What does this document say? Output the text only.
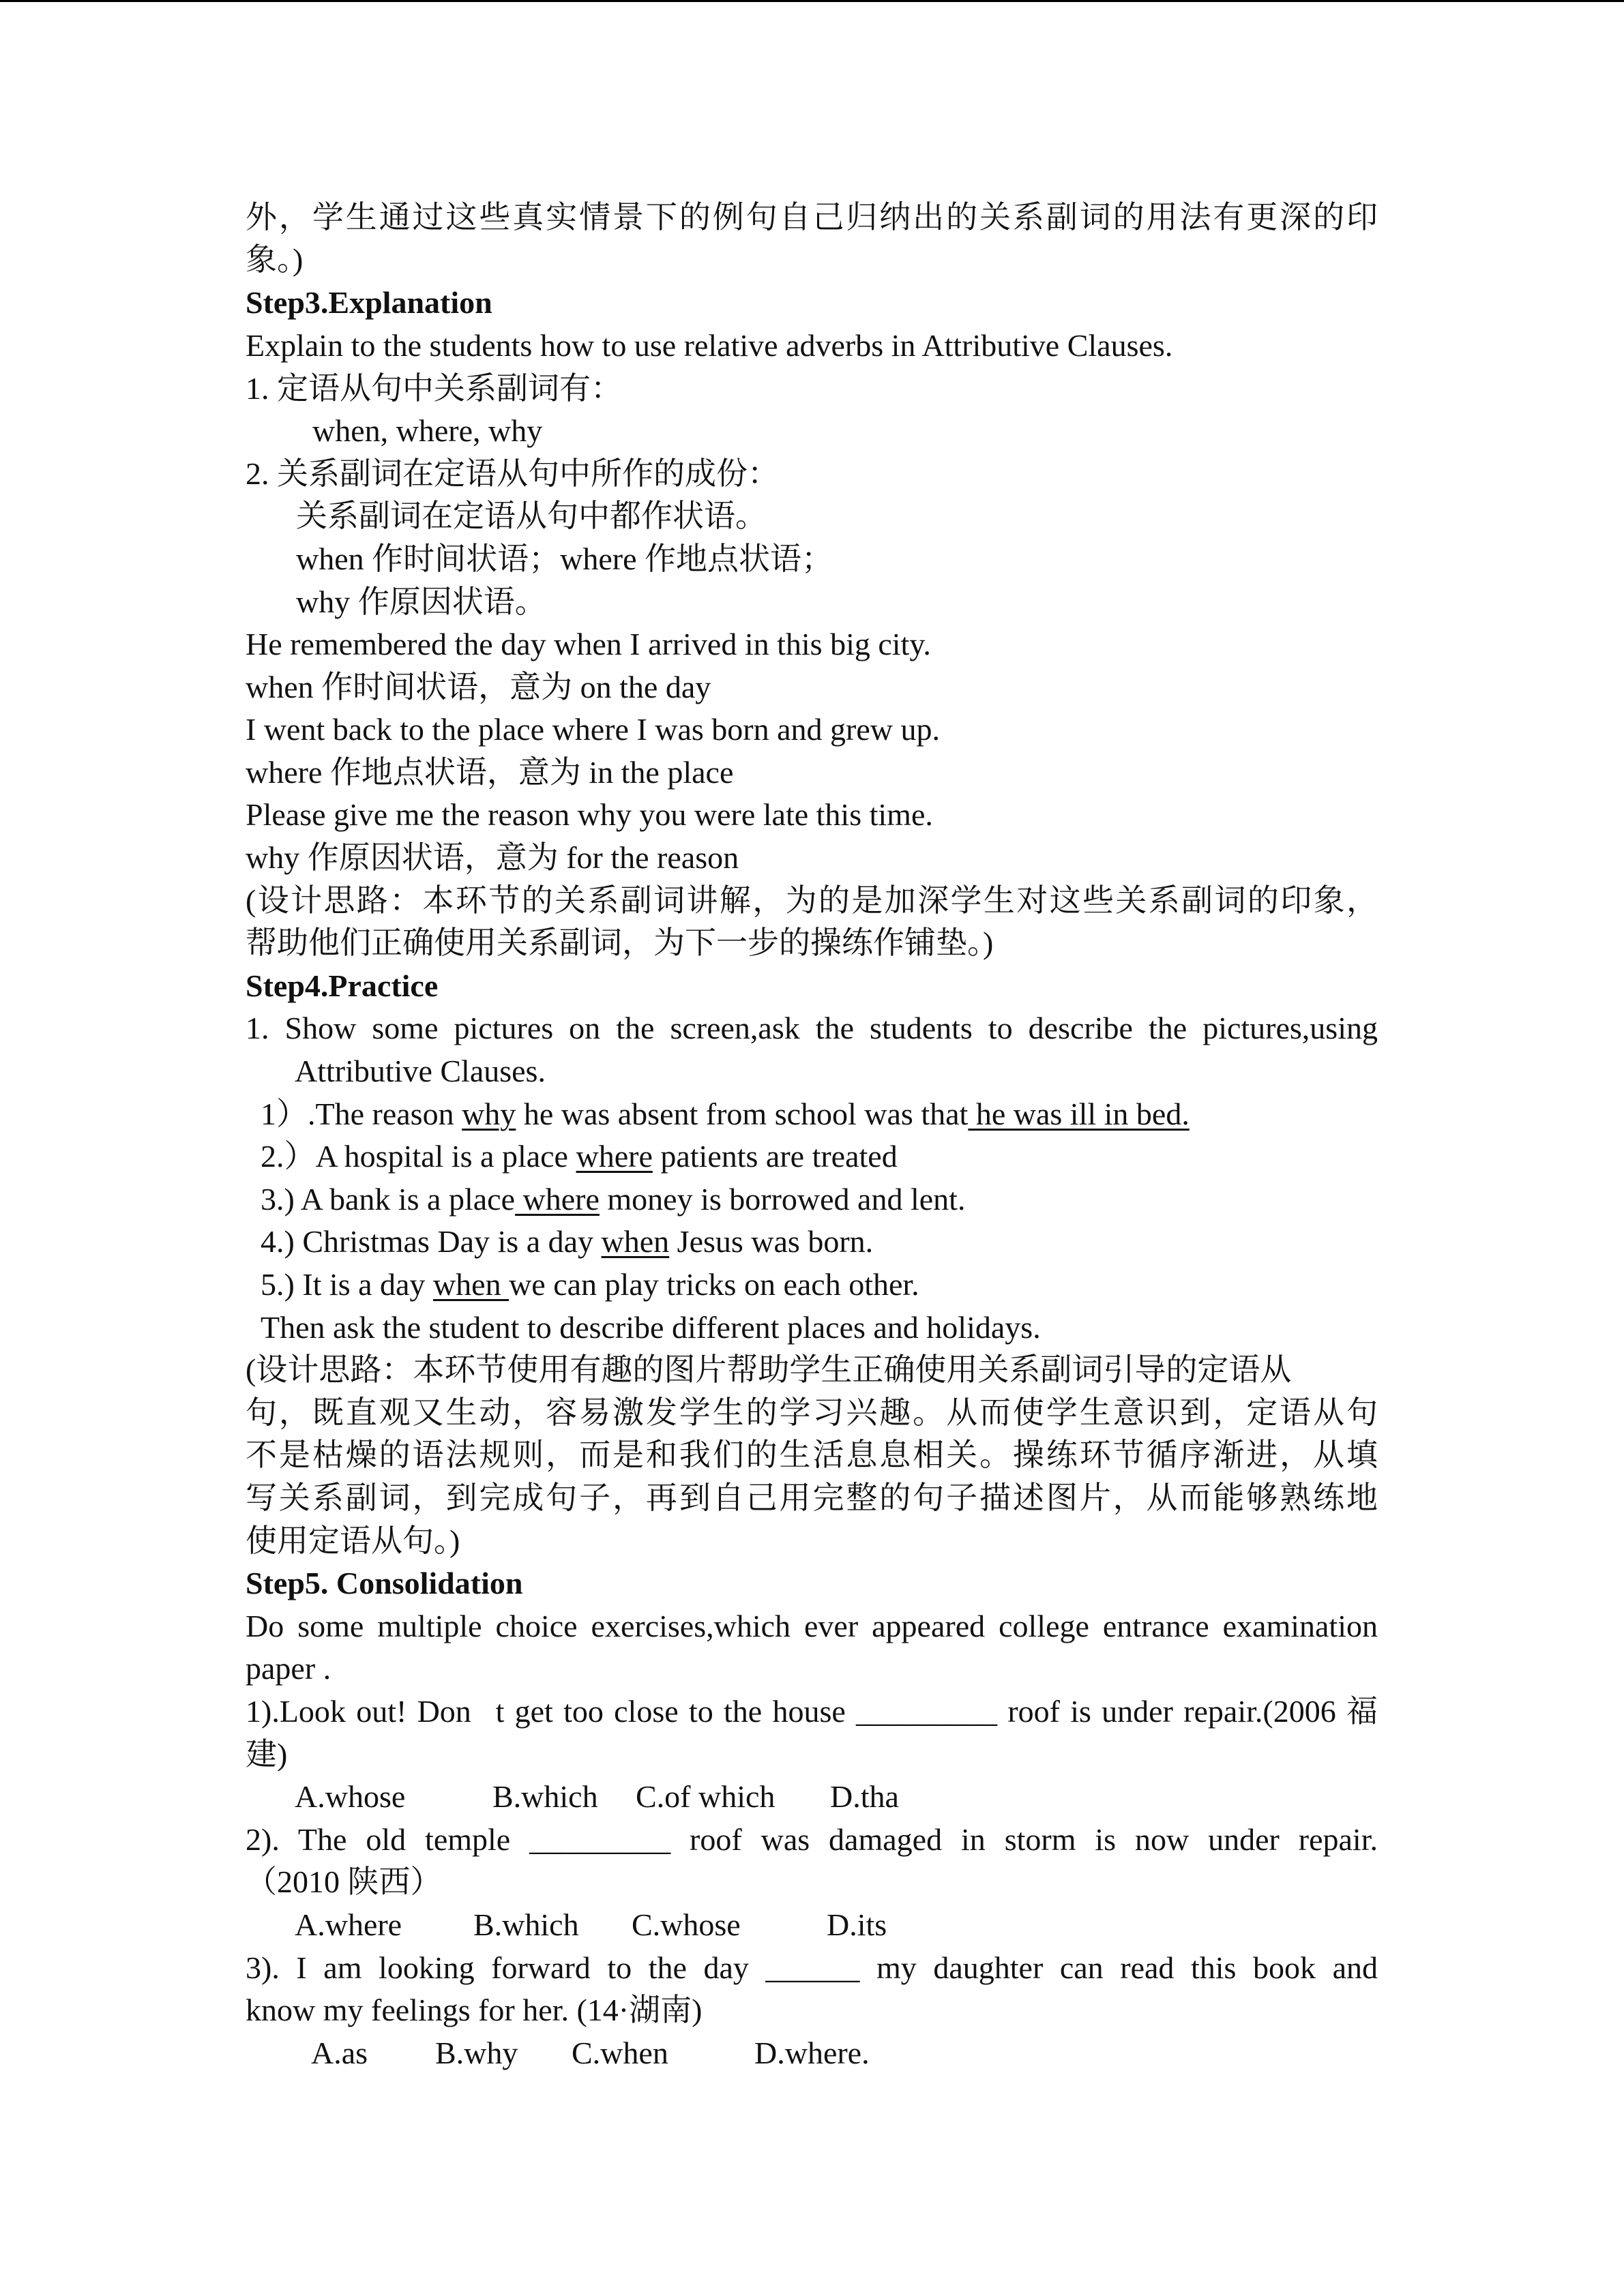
外，学生通过这些真实情景下的例句自己归纳出的关系副词的用法有更深的印
象。)
Step3.Explanation
Explain to the students how to use relative adverbs in Attributive Clauses.
1. 定语从句中关系副词有：
when, where, why
2. 关系副词在定语从句中所作的成份：
关系副词在定语从句中都作状语。
when 作时间状语；where 作地点状语；
why 作原因状语。
He remembered the day when I arrived in this big city.
when 作时间状语，意为 on the day
I went back to the place where I was born and grew up.
where 作地点状语，意为 in the place
Please give me the reason why you were late this time.
why 作原因状语，意为 for the reason
(设计思路：本环节的关系副词讲解，为的是加深学生对这些关系副词的印象，
帮助他们正确使用关系副词，为下一步的操练作铺垫。)
Step4.Practice
1. Show some pictures on the screen,ask the students to describe the pictures,using
Attributive Clauses.
1）.The reason why he was absent from school was that he was ill in bed.
2.）A hospital is a place where patients are treated
3.) A bank is a place where money is borrowed and lent.
4.) Christmas Day is a day when Jesus was born.
5.) It is a day when we can play tricks on each other.
Then ask the student to describe different places and holidays.
(设计思路：本环节使用有趣的图片帮助学生正确使用关系副词引导的定语从
句，既直观又生动，容易激发学生的学习兴趣。从而使学生意识到，定语从句
不是枯燥的语法规则，而是和我们的生活息息相关。操练环节循序渐进，从填
写关系副词，到完成句子，再到自己用完整的句子描述图片，从而能够熟练地
使用定语从句。)
Step5. Consolidation
Do some multiple choice exercises,which ever appeared college entrance examination
paper .
1).Look out! Don t get too close to the house _________ roof is under repair.(2006 福
建)
A.whose	B.which C.of which D.tha
2). The old temple _________ roof was damaged in storm is now under repair.
（2010 陕西）
A.where B.which C.whose	D.its
3). I am looking forward to the day ______ my daughter can read this book and
know my feelings for her. (14·湖南)
A.as B.why C.when	D.where.
